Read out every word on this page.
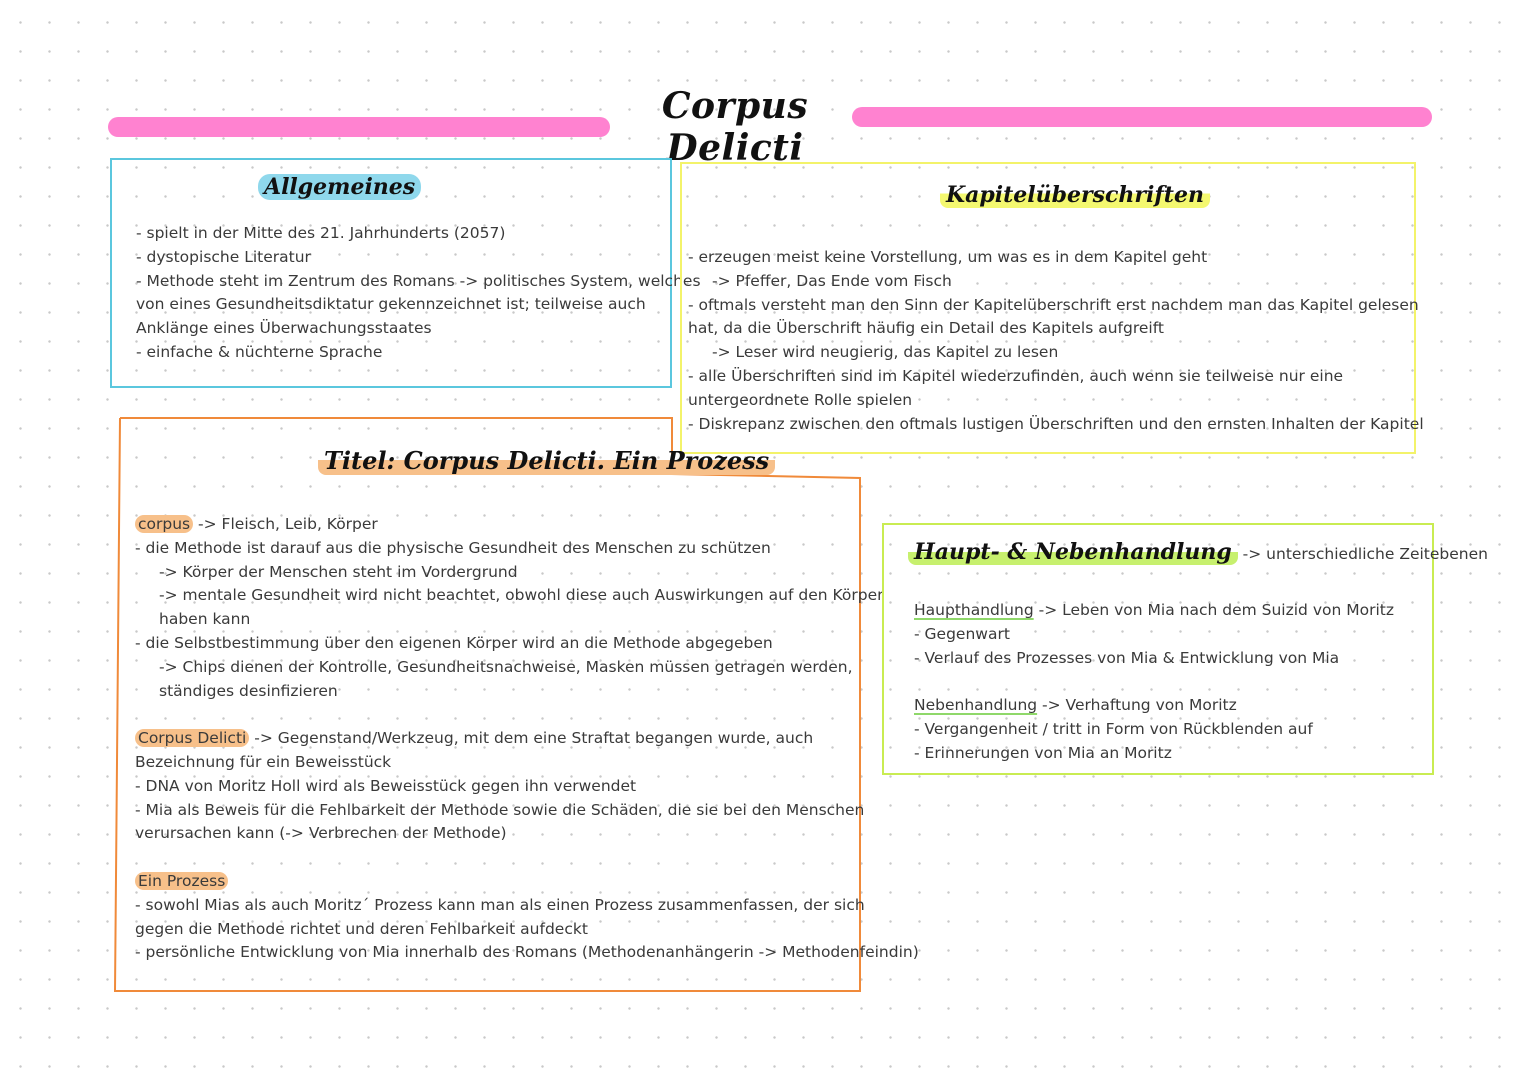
Corpus Delicti
Allgemeines

- spielt in der Mitte des 21. Jahrhunderts (2057)

- dystopische Literatur

- Methode steht im Zentrum des Romans -> politisches System, welches

von eines Gesundheitsdiktatur gekennzeichnet ist; teilweise auch

Anklänge eines Überwachungsstaates

- einfache & nüchterne Sprache

Kapitelüberschriften

- erzeugen meist keine Vorstellung, um was es in dem Kapitel geht

-> Pfeffer, Das Ende vom Fisch

- oftmals versteht man den Sinn der Kapitelüberschrift erst nachdem man das Kapitel gelesen

hat, da die Überschrift häufig ein Detail des Kapitels aufgreift

-> Leser wird neugierig, das Kapitel zu lesen

- alle Überschriften sind im Kapitel wiederzufinden, auch wenn sie teilweise nur eine

untergeordnete Rolle spielen

- Diskrepanz zwischen den oftmals lustigen Überschriften und den ernsten Inhalten der Kapitel

Titel: Corpus Delicti. Ein Prozess

corpus -> Fleisch, Leib, Körper

- die Methode ist darauf aus die physische Gesundheit des Menschen zu schützen

-> Körper der Menschen steht im Vordergrund

-> mentale Gesundheit wird nicht beachtet, obwohl diese auch Auswirkungen auf den Körper

haben kann

- die Selbstbestimmung über den eigenen Körper wird an die Methode abgegeben

-> Chips dienen der Kontrolle, Gesundheitsnachweise, Masken müssen getragen werden,

ständiges desinfizieren

Corpus Delicti -> Gegenstand/Werkzeug, mit dem eine Straftat begangen wurde, auch

Bezeichnung für ein Beweisstück

- DNA von Moritz Holl wird als Beweisstück gegen ihn verwendet

- Mia als Beweis für die Fehlbarkeit der Methode sowie die Schäden, die sie bei den Menschen

verursachen kann (-> Verbrechen der Methode)

Ein Prozess

- sowohl Mias als auch Moritz´ Prozess kann man als einen Prozess zusammenfassen, der sich

gegen die Methode richtet und deren Fehlbarkeit aufdeckt

- persönliche Entwicklung von Mia innerhalb des Romans (Methodenanhängerin -> Methodenfeindin)

Haupt- & Nebenhandlung -> unterschiedliche Zeitebenen

Haupthandlung -> Leben von Mia nach dem Suizid von Moritz

- Gegenwart

- Verlauf des Prozesses von Mia & Entwicklung von Mia

Nebenhandlung -> Verhaftung von Moritz

- Vergangenheit / tritt in Form von Rückblenden auf

- Erinnerungen von Mia an Moritz
